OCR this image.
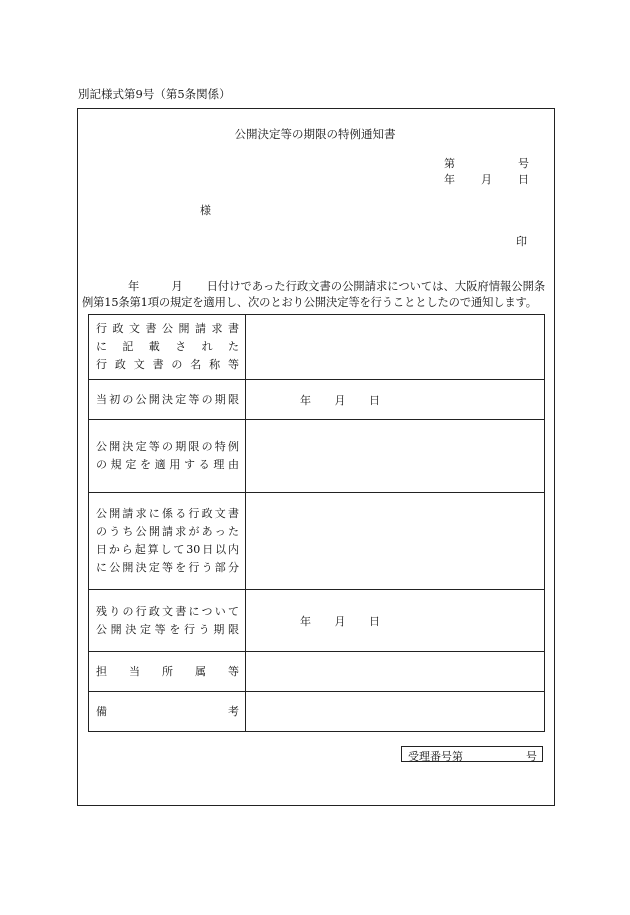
別記様式第9号（第5条関係）
公開決定等の期限の特例通知書
第	号
年 月 日
様
印
年	月 日付けであった行政文書の公開請求については、大阪府情報公開条
例第15条第1項の規定を適用し、次のとおり公開決定等を行うこととしたので通知します。
行政文書公開請求書
に記載された
行政文書の名称等	

当初の公開決定等の期限	年 月 日

公開決定等の期限の特例
の規定を適用する理由	

公開請求に係る行政文書
のうち公開請求があった
日から起算して30日以内
に公開決定等を行う部分	

残りの行政文書について
公開決定等を行う期限	年 月 日

担当所属等	

備考	

受理番号第	号
